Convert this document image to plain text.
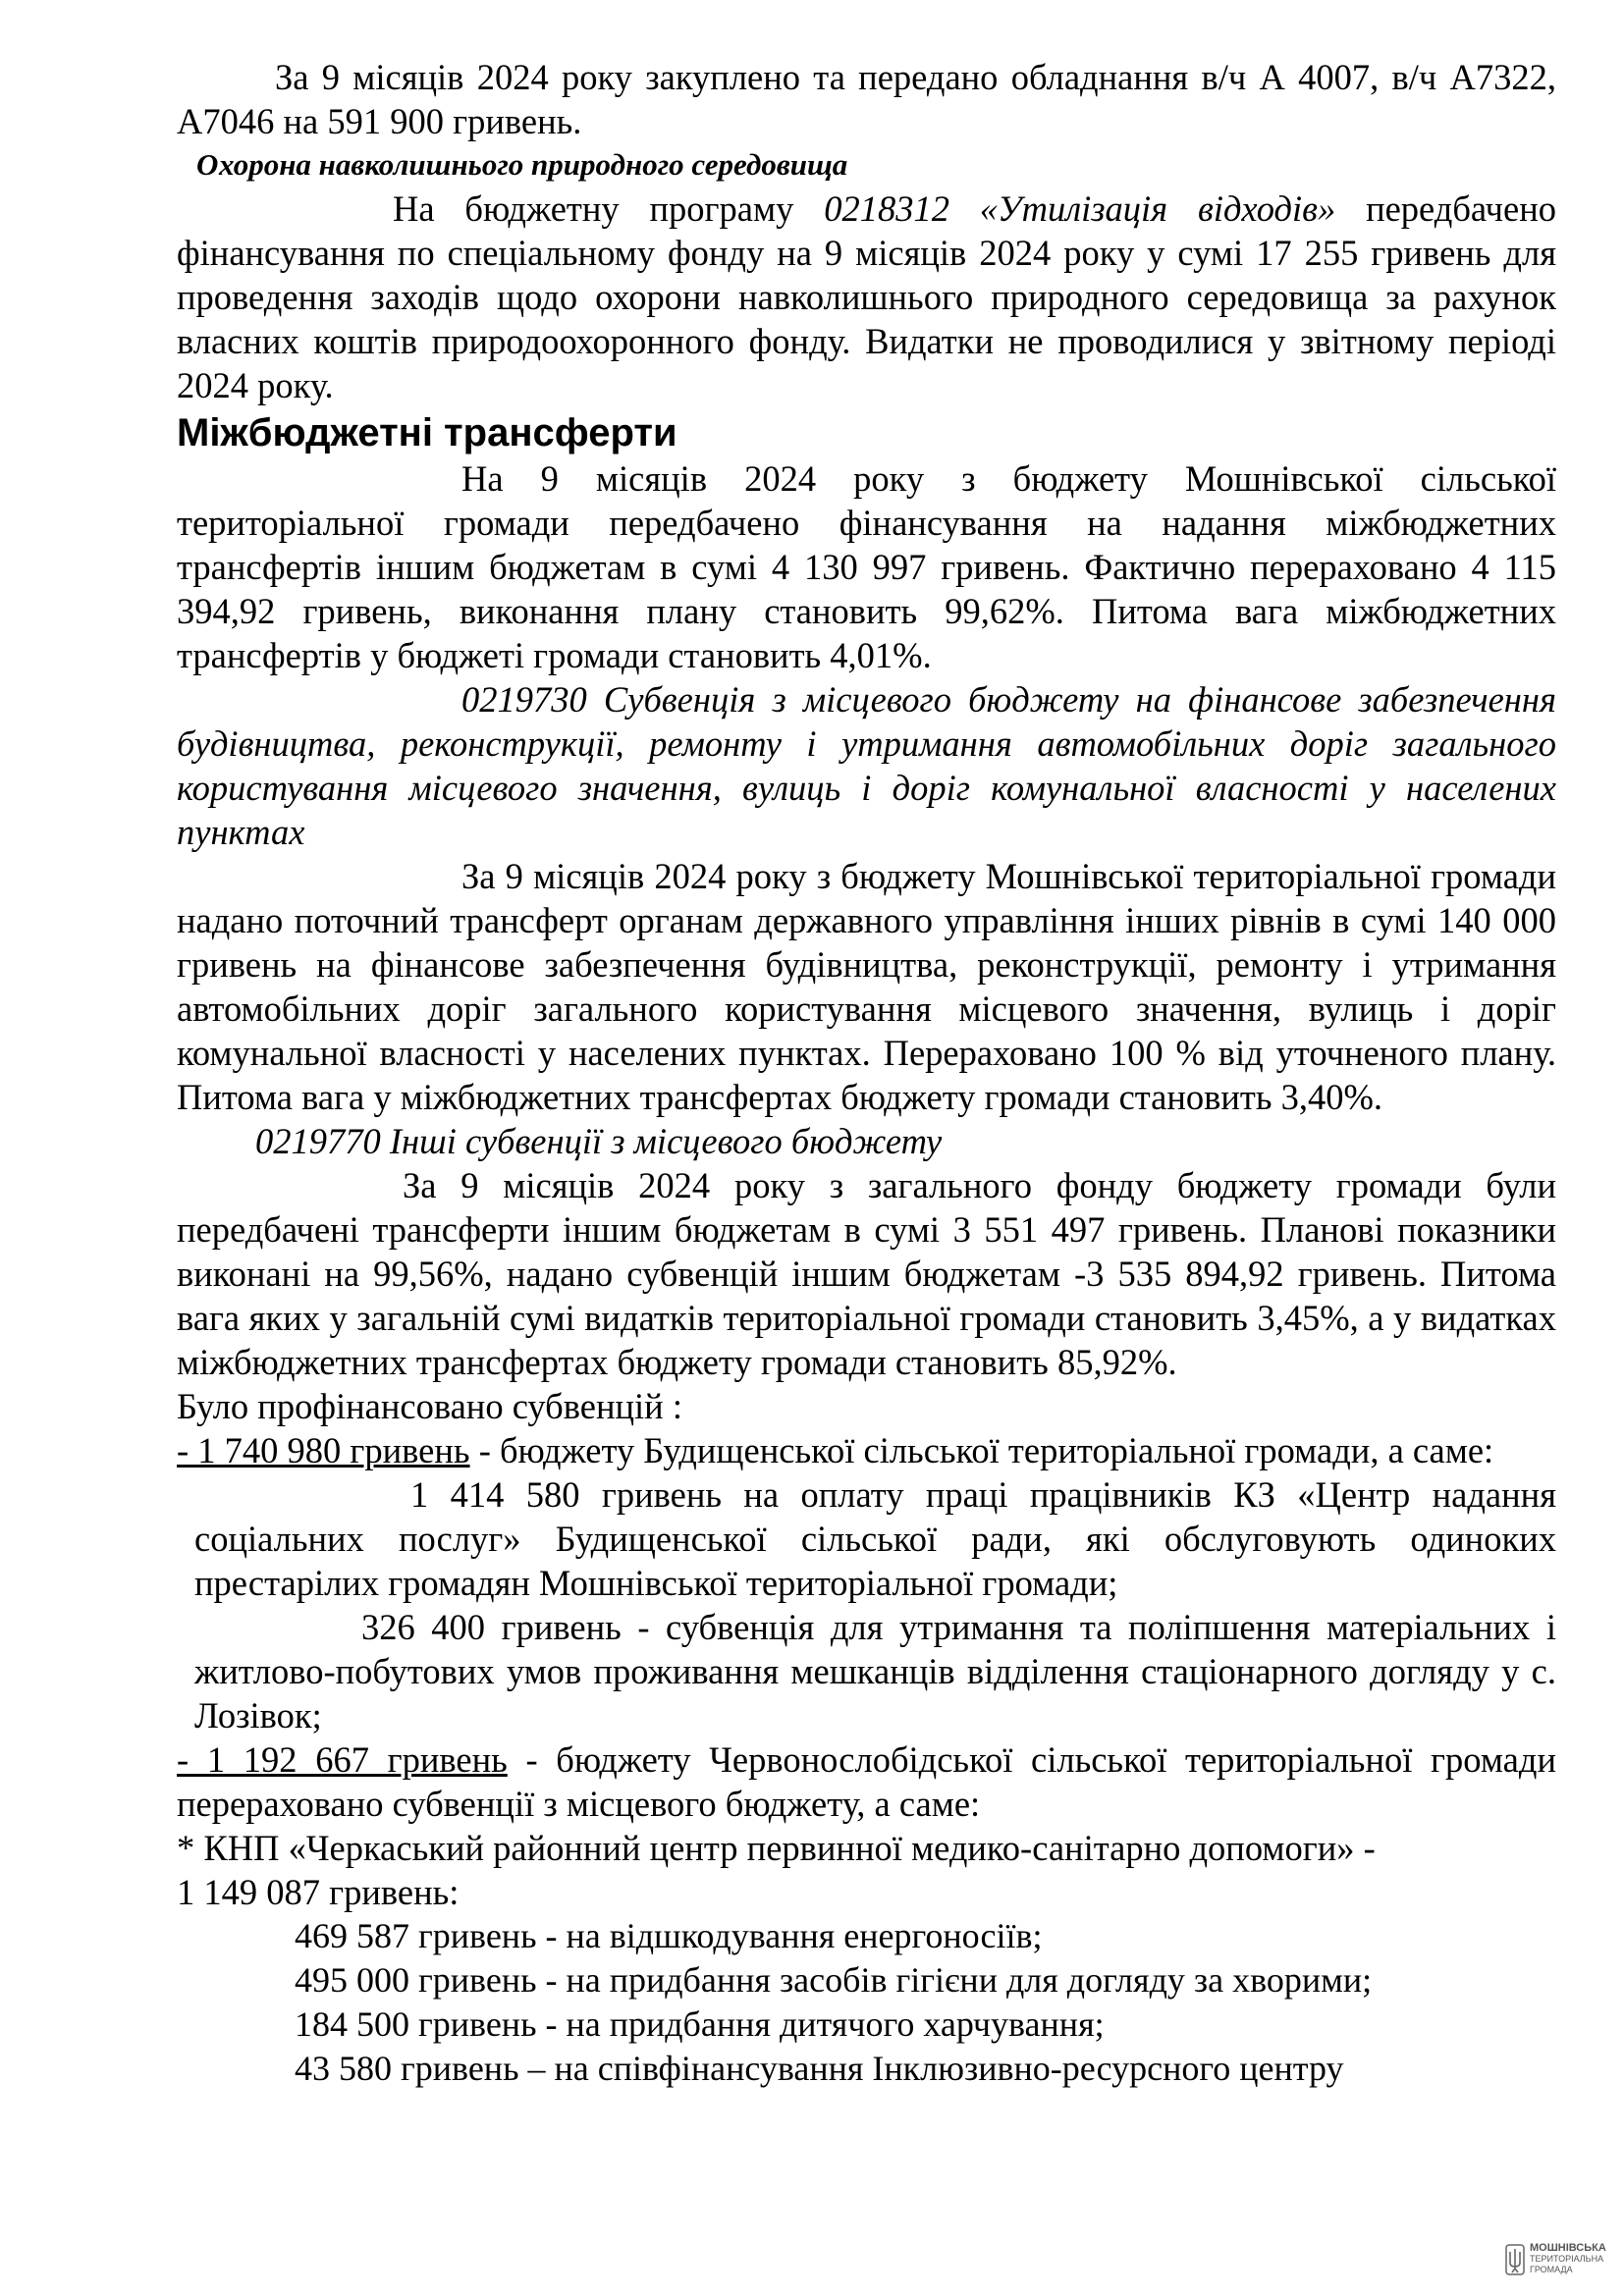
За 9 місяців 2024 року закуплено та передано обладнання в/ч А 4007, в/ч А7322, А7046 на 591 900 гривень.

Охорона навколишнього природного середовища

На бюджетну програму 0218312 «Утилізація відходів» передбачено фінансування по спеціальному фонду на 9 місяців 2024 року у сумі 17 255 гривень для проведення заходів щодо охорони навколишнього природного середовища за рахунок власних коштів природоохоронного фонду. Видатки не проводилися у звітному періоді 2024 року.

Міжбюджетні трансферти

На 9 місяців 2024 року з бюджету Мошнівської сільської територіальної громади передбачено фінансування на надання міжбюджетних трансфертів іншим бюджетам в сумі 4 130 997 гривень. Фактично перераховано 4 115 394,92 гривень, виконання плану становить 99,62%. Питома вага міжбюджетних трансфертів у бюджеті громади становить 4,01%.

0219730 Субвенція з місцевого бюджету на фінансове забезпечення будівництва, реконструкції, ремонту і утримання автомобільних доріг загального користування місцевого значення, вулиць і доріг комунальної власності у населених пунктах

За 9 місяців 2024 року з бюджету Мошнівської територіальної громади надано поточний трансферт органам державного управління інших рівнів в сумі 140 000 гривень на фінансове забезпечення будівництва, реконструкції, ремонту і утримання автомобільних доріг загального користування місцевого значення, вулиць і доріг комунальної власності у населених пунктах. Перераховано 100 % від уточненого плану. Питома вага у міжбюджетних трансфертах бюджету громади становить 3,40%.

0219770 Інші субвенції з місцевого бюджету

За 9 місяців 2024 року з загального фонду бюджету громади були передбачені трансферти іншим бюджетам в сумі 3 551 497 гривень. Планові показники виконані на 99,56%, надано субвенцій іншим бюджетам -3 535 894,92 гривень. Питома вага яких у загальній сумі видатків територіальної громади становить 3,45%, а у видатках міжбюджетних трансфертах бюджету громади становить 85,92%.

Було профінансовано субвенцій :

- 1 740 980 гривень - бюджету Будищенської сільської територіальної громади, а саме:

1 414 580 гривень на оплату праці працівників КЗ «Центр надання соціальних послуг» Будищенської сільської ради, які обслуговують одиноких престарілих громадян Мошнівської територіальної громади;

326 400 гривень - субвенція для утримання та поліпшення матеріальних і житлово-побутових умов проживання мешканців відділення стаціонарного догляду у с. Лозівок;

- 1 192 667 гривень - бюджету Червонослобідської сільської територіальної громади перераховано субвенції з місцевого бюджету, а саме:

* КНП «Черкаський районний центр первинної медико-санітарно допомоги» -

1 149 087 гривень:

469 587 гривень - на відшкодування енергоносіїв;

495 000 гривень - на придбання засобів гігієни для догляду за хворими;

184 500 гривень - на придбання дитячого харчування;

43 580 гривень – на співфінансування Інклюзивно-ресурсного центру

МОШНІВСЬКА
ТЕРИТОРІАЛЬНА
ГРОМАДА
